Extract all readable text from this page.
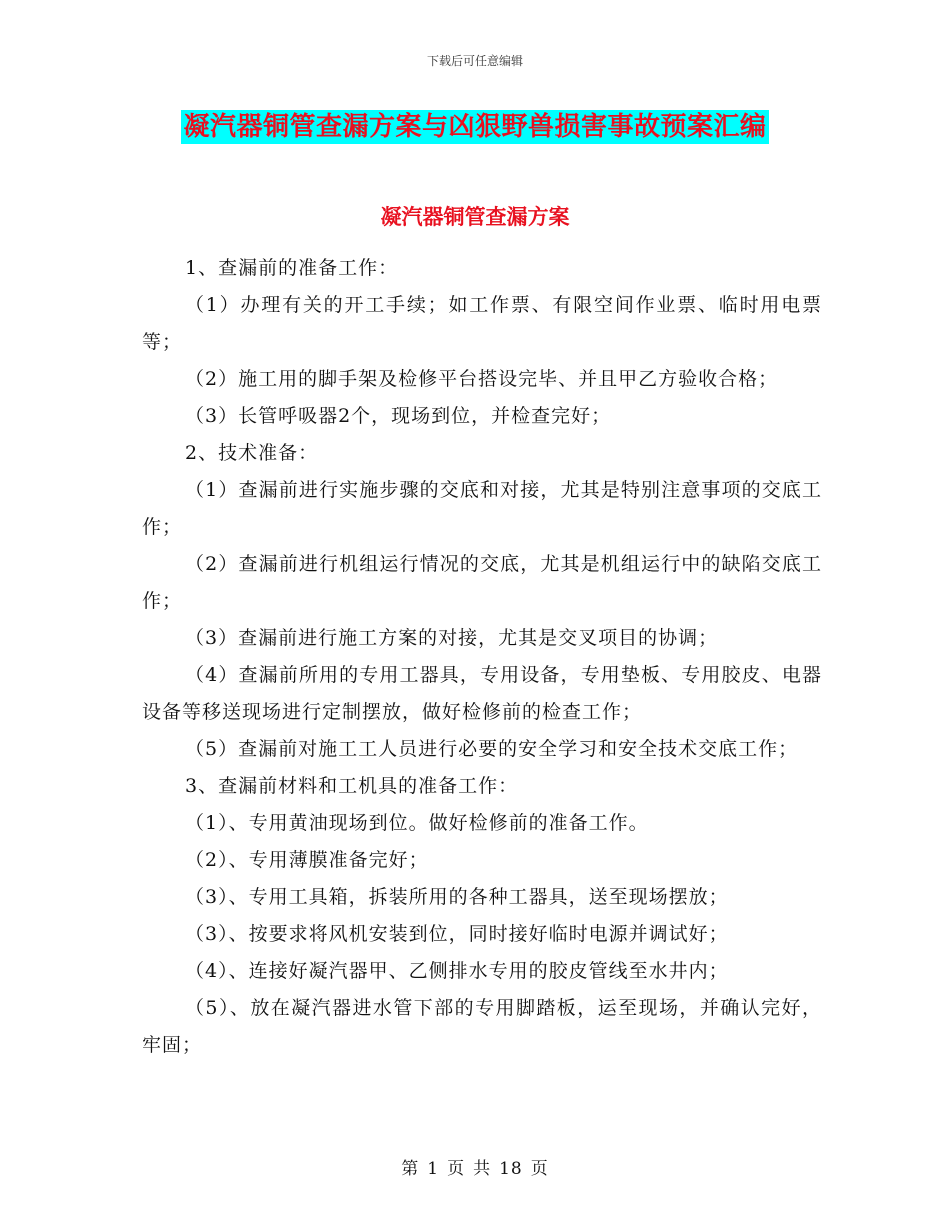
下载后可任意编辑
凝汽器铜管查漏方案与凶狠野兽损害事故预案汇编
凝汽器铜管查漏方案

1、查漏前的准备工作：

（1）办理有关的开工手续；如工作票、有限空间作业票、临时用电票等；

（2）施工用的脚手架及检修平台搭设完毕、并且甲乙方验收合格；

（3）长管呼吸器2个，现场到位，并检查完好；

2、技术准备：

（1）查漏前进行实施步骤的交底和对接，尤其是特别注意事项的交底工作；

（2）查漏前进行机组运行情况的交底，尤其是机组运行中的缺陷交底工作；

（3）查漏前进行施工方案的对接，尤其是交叉项目的协调；

（4）查漏前所用的专用工器具，专用设备，专用垫板、专用胶皮、电器设备等移送现场进行定制摆放，做好检修前的检查工作；

（5）查漏前对施工工人员进行必要的安全学习和安全技术交底工作；

3、查漏前材料和工机具的准备工作：

（1）、专用黄油现场到位。做好检修前的准备工作。

（2）、专用薄膜准备完好；

（3）、专用工具箱，拆装所用的各种工器具，送至现场摆放；

（3）、按要求将风机安装到位，同时接好临时电源并调试好；

（4）、连接好凝汽器甲、乙侧排水专用的胶皮管线至水井内；

（5）、放在凝汽器进水管下部的专用脚踏板，运至现场，并确认完好，牢固；

第 1 页 共 18 页
